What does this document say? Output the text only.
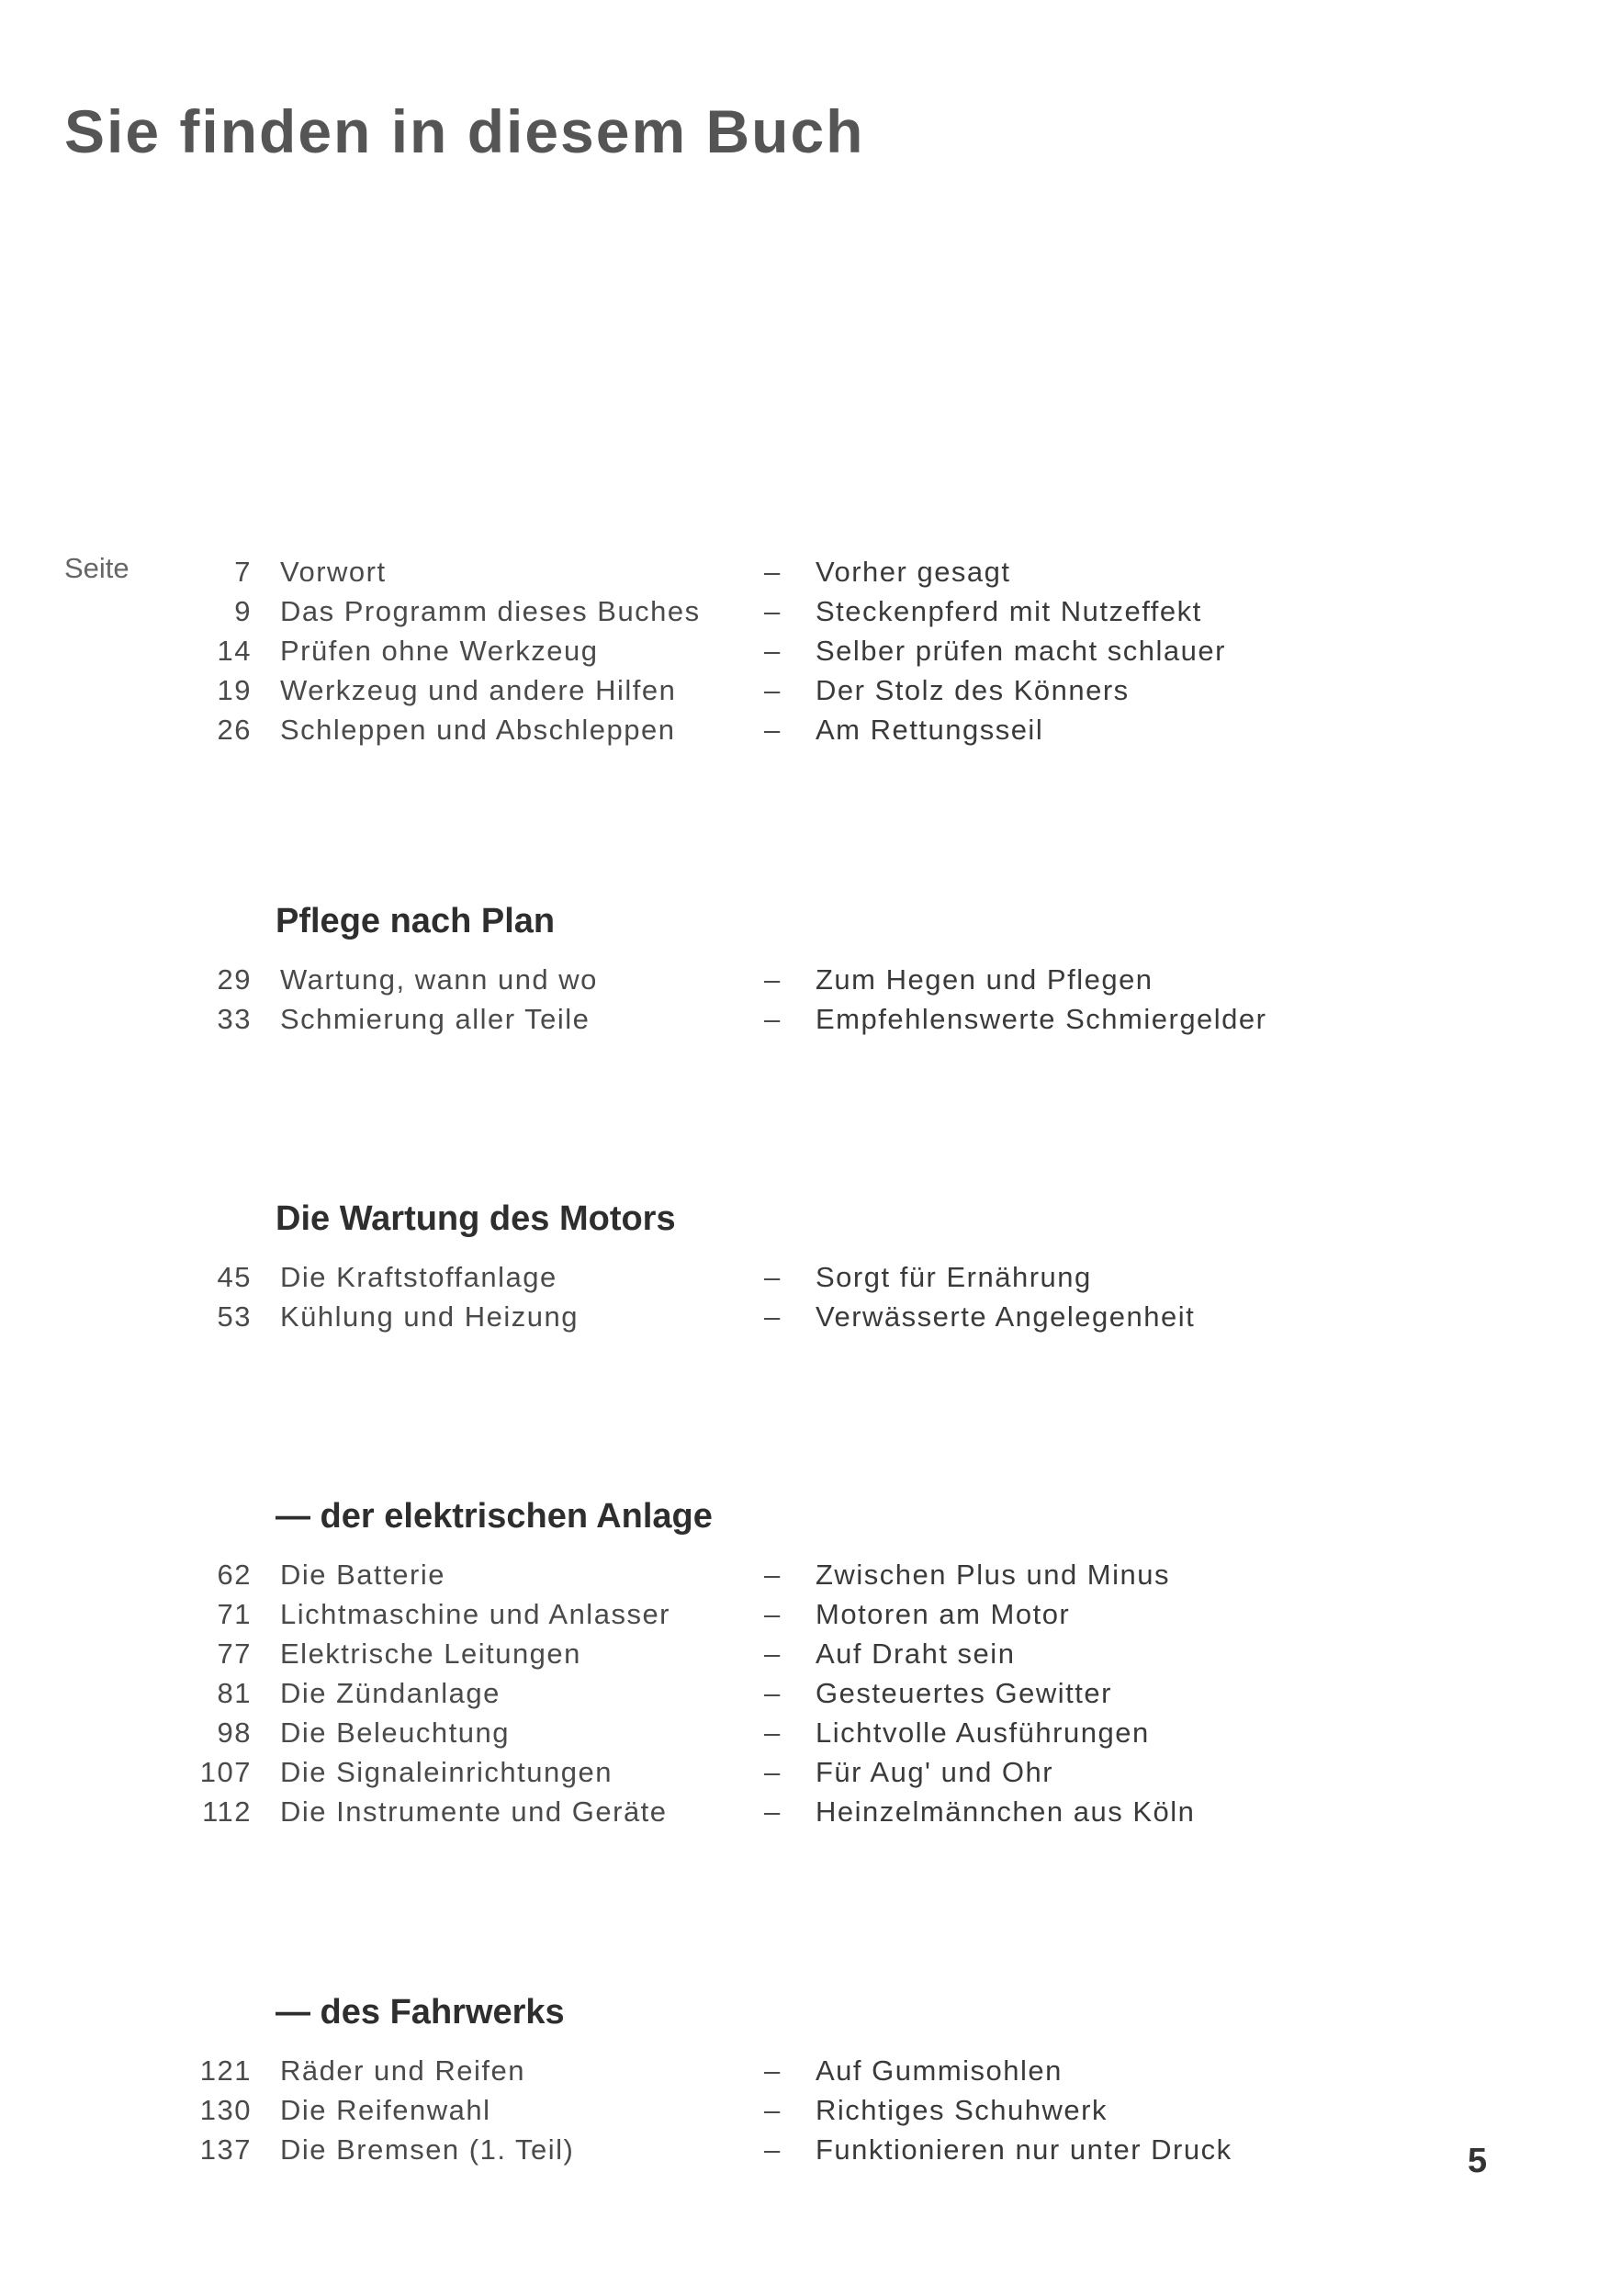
Sie finden in diesem Buch
Seite	7 Vorwort	– Vorher gesagt
9 Das Programm dieses Buches – Steckenpferd mit Nutzeffekt
14 Prüfen ohne Werkzeug	– Selber prüfen macht schlauer
19 Werkzeug und andere Hilfen	– Der Stolz des Könners
26 Schleppen und Abschleppen	– Am Rettungsseil
Pflege nach Plan
29 Wartung, wann und wo	– Zum Hegen und Pflegen
33 Schmierung aller Teile	– Empfehlenswerte Schmiergelder
Die Wartung des Motors
45 Die Kraftstoffanlage	– Sorgt für Ernährung
53 Kühlung und Heizung	– Verwässerte Angelegenheit
— der elektrischen Anlage
62 Die Batterie	– Zwischen Plus und Minus
71 Lichtmaschine und Anlasser	– Motoren am Motor
77 Elektrische Leitungen	– Auf Draht sein
81 Die Zündanlage	– Gesteuertes Gewitter
98 Die Beleuchtung	– Lichtvolle Ausführungen
107 Die Signaleinrichtungen	– Für Aug' und Ohr
112 Die Instrumente und Geräte	– Heinzelmännchen aus Köln
— des Fahrwerks
121 Räder und Reifen	– Auf Gummisohlen
130 Die Reifenwahl	– Richtiges Schuhwerk
137 Die Bremsen (1. Teil)	– Funktionieren nur unter Druck	5
